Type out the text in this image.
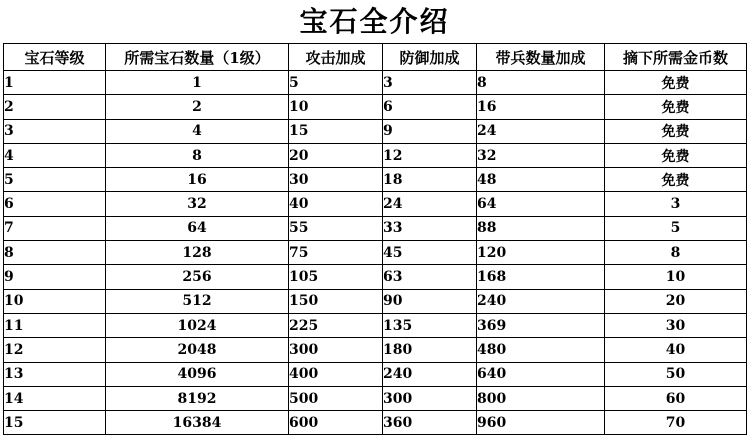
宝石全介绍
宝石等级	所需宝石数量（1级）	攻击加成	防御加成	带兵数量加成	摘下所需金币数
1	1	5	3	8	免费
2	2	10	6	16	免费
3	4	15	9	24	免费
4	8	20	12	32	免费
5	16	30	18	48	免费
6	32	40	24	64	3
7	64	55	33	88	5
8	128	75	45	120	8
9	256	105	63	168	10
10	512	150	90	240	20
11	1024	225	135	369	30
12	2048	300	180	480	40
13	4096	400	240	640	50
14	8192	500	300	800	60
15	16384	600	360	960	70
